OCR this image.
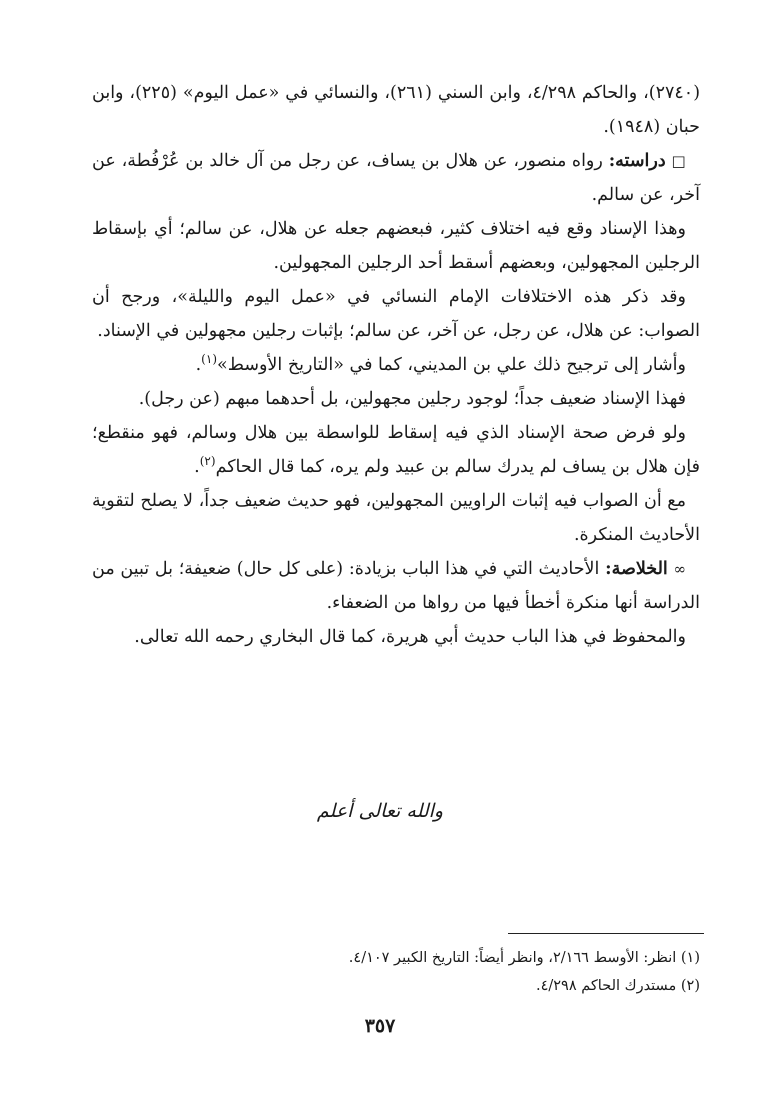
(٢٧٤٠)، والحاكم ٤/٢٩٨، وابن السني (٢٦١)، والنسائي في «عمل اليوم» (٢٢٥)، وابن حبان (١٩٤٨).

□ دراسته: رواه منصور، عن هلال بن يساف، عن رجل من آل خالد بن عُرْفُطة، عن آخر، عن سالم.

وهذا الإسناد وقع فيه اختلاف كثير، فبعضهم جعله عن هلال، عن سالم؛ أي بإسقاط الرجلين المجهولين، وبعضهم أسقط أحد الرجلين المجهولين.

وقد ذكر هذه الاختلافات الإمام النسائي في «عمل اليوم والليلة»، ورجح أن الصواب: عن هلال، عن رجل، عن آخر، عن سالم؛ بإثبات رجلين مجهولين في الإسناد.

وأشار إلى ترجيح ذلك علي بن المديني، كما في «التاريخ الأوسط»$^{(١)}$.

فهذا الإسناد ضعيف جداً؛ لوجود رجلين مجهولين، بل أحدهما مبهم (عن رجل).

ولو فرض صحة الإسناد الذي فيه إسقاط للواسطة بين هلال وسالم، فهو منقطع؛ فإن هلال بن يساف لم يدرك سالم بن عبيد ولم يره، كما قال الحاكم$^{(٢)}$.

مع أن الصواب فيه إثبات الراويين المجهولين، فهو حديث ضعيف جداً، لا يصلح لتقوية الأحاديث المنكرة.

∞ الخلاصة: الأحاديث التي في هذا الباب بزيادة: (على كل حال) ضعيفة؛ بل تبين من الدراسة أنها منكرة أخطأ فيها من رواها من الضعفاء.

والمحفوظ في هذا الباب حديث أبي هريرة، كما قال البخاري رحمه الله تعالى.

والله تعالى أعلم

(١) انظر: الأوسط ٢/١٦٦، وانظر أيضاً: التاريخ الكبير ٤/١٠٧.

(٢) مستدرك الحاكم ٤/٢٩٨.

٣٥٧
